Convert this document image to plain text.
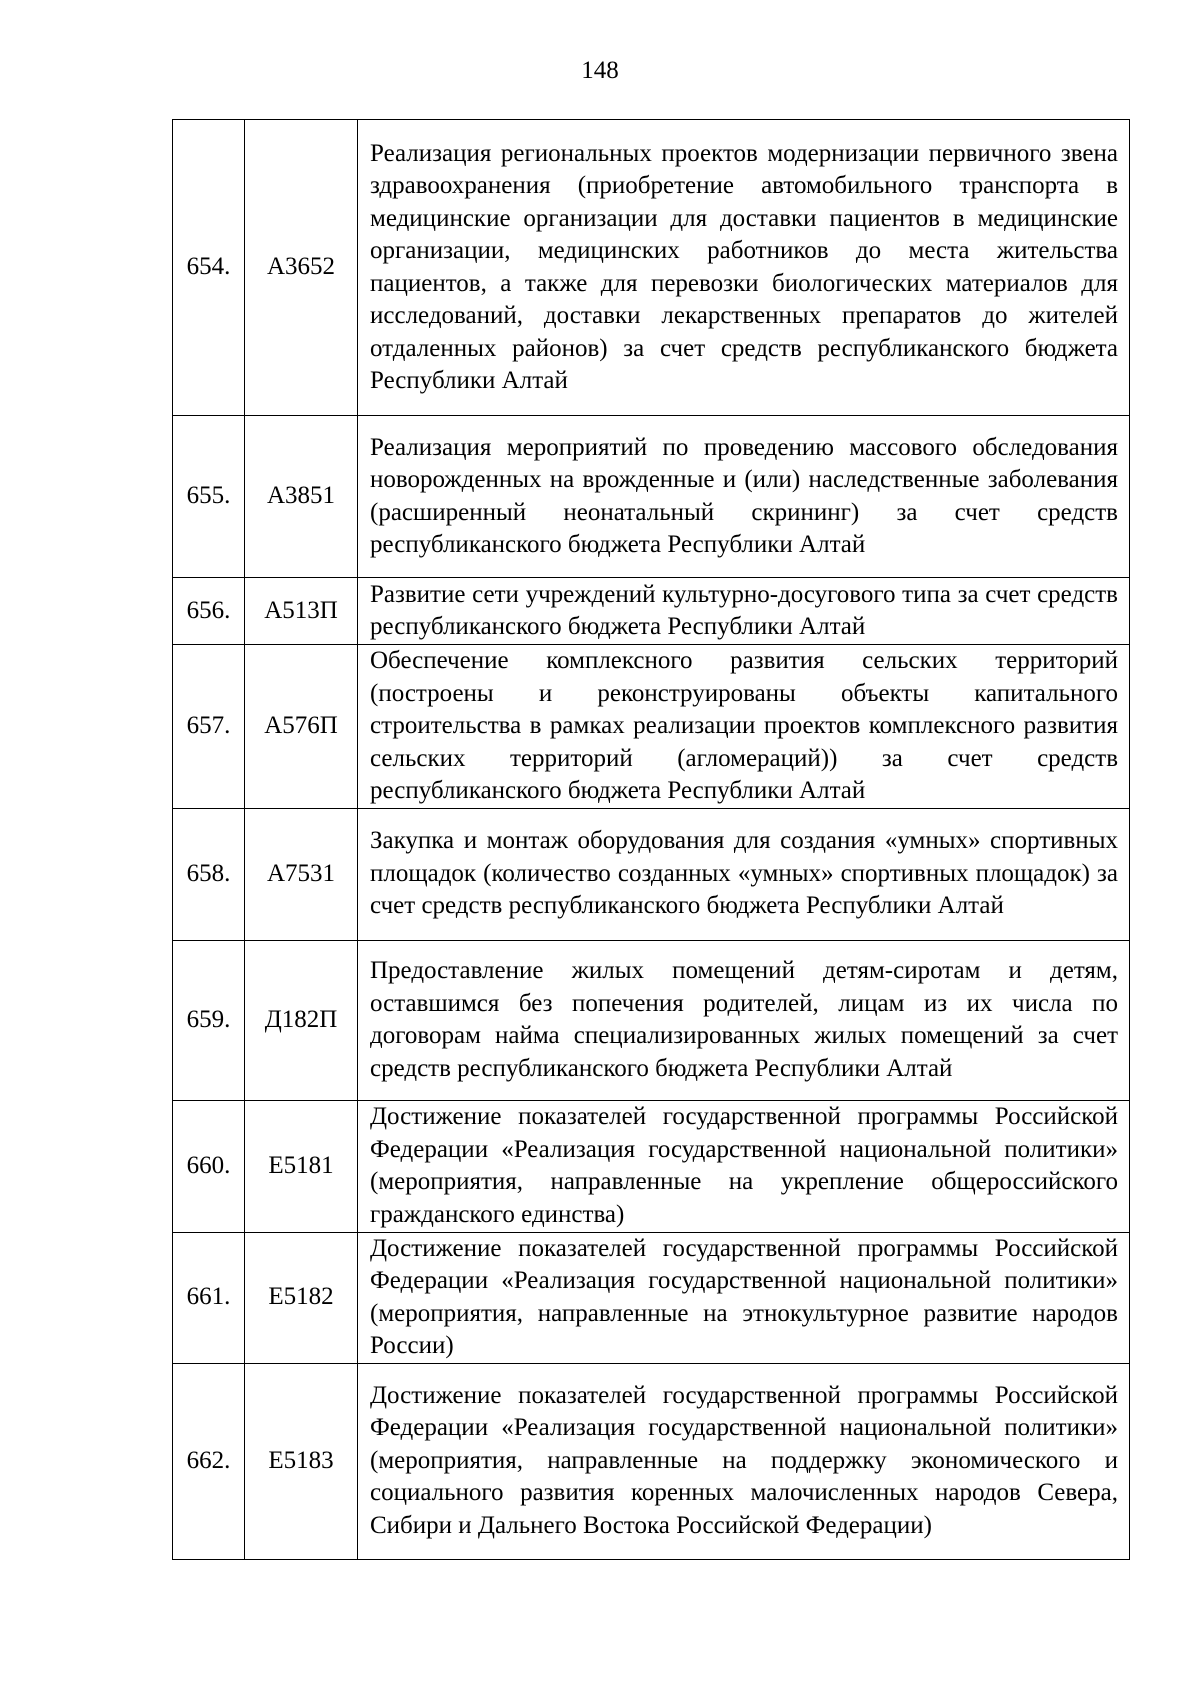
148
654.	A3652	Реализация региональных проектов модернизации первичного звена здравоохранения (приобретение автомобильного транспорта в медицинские организации для доставки пациентов в медицинские организации, медицинских работников до места жительства пациентов, а также для перевозки биологических материалов для исследований, доставки лекарственных препаратов до жителей отдаленных районов) за счет средств республиканского бюджета Республики Алтай
655.	A3851	Реализация мероприятий по проведению массового обследования новорожденных на врожденные и (или) наследственные заболевания (расширенный неонатальный скрининг) за счет средств республиканского бюджета Республики Алтай
656.	A513П	Развитие сети учреждений культурно-досугового типа за счет средств республиканского бюджета Республики Алтай
657.	A576П	Обеспечение комплексного развития сельских территорий (построены и реконструированы объекты капитального строительства в рамках реализации проектов комплексного развития сельских территорий (агломераций)) за счет средств республиканского бюджета Республики Алтай
658.	A7531	Закупка и монтаж оборудования для создания «умных» спортивных площадок (количество созданных «умных» спортивных площадок) за счет средств республиканского бюджета Республики Алтай
659.	Д182П	Предоставление жилых помещений детям-сиротам и детям, оставшимся без попечения родителей, лицам из их числа по договорам найма специализированных жилых помещений за счет средств республиканского бюджета Республики Алтай
660.	E5181	Достижение показателей государственной программы Российской Федерации «Реализация государственной национальной политики» (мероприятия, направленные на укрепление общероссийского гражданского единства)
661.	E5182	Достижение показателей государственной программы Российской Федерации «Реализация государственной национальной политики» (мероприятия, направленные на этнокультурное развитие народов России)
662.	E5183	Достижение показателей государственной программы Российской Федерации «Реализация государственной национальной политики» (мероприятия, направленные на поддержку экономического и социального развития коренных малочисленных народов Севера, Сибири и Дальнего Востока Российской Федерации)
